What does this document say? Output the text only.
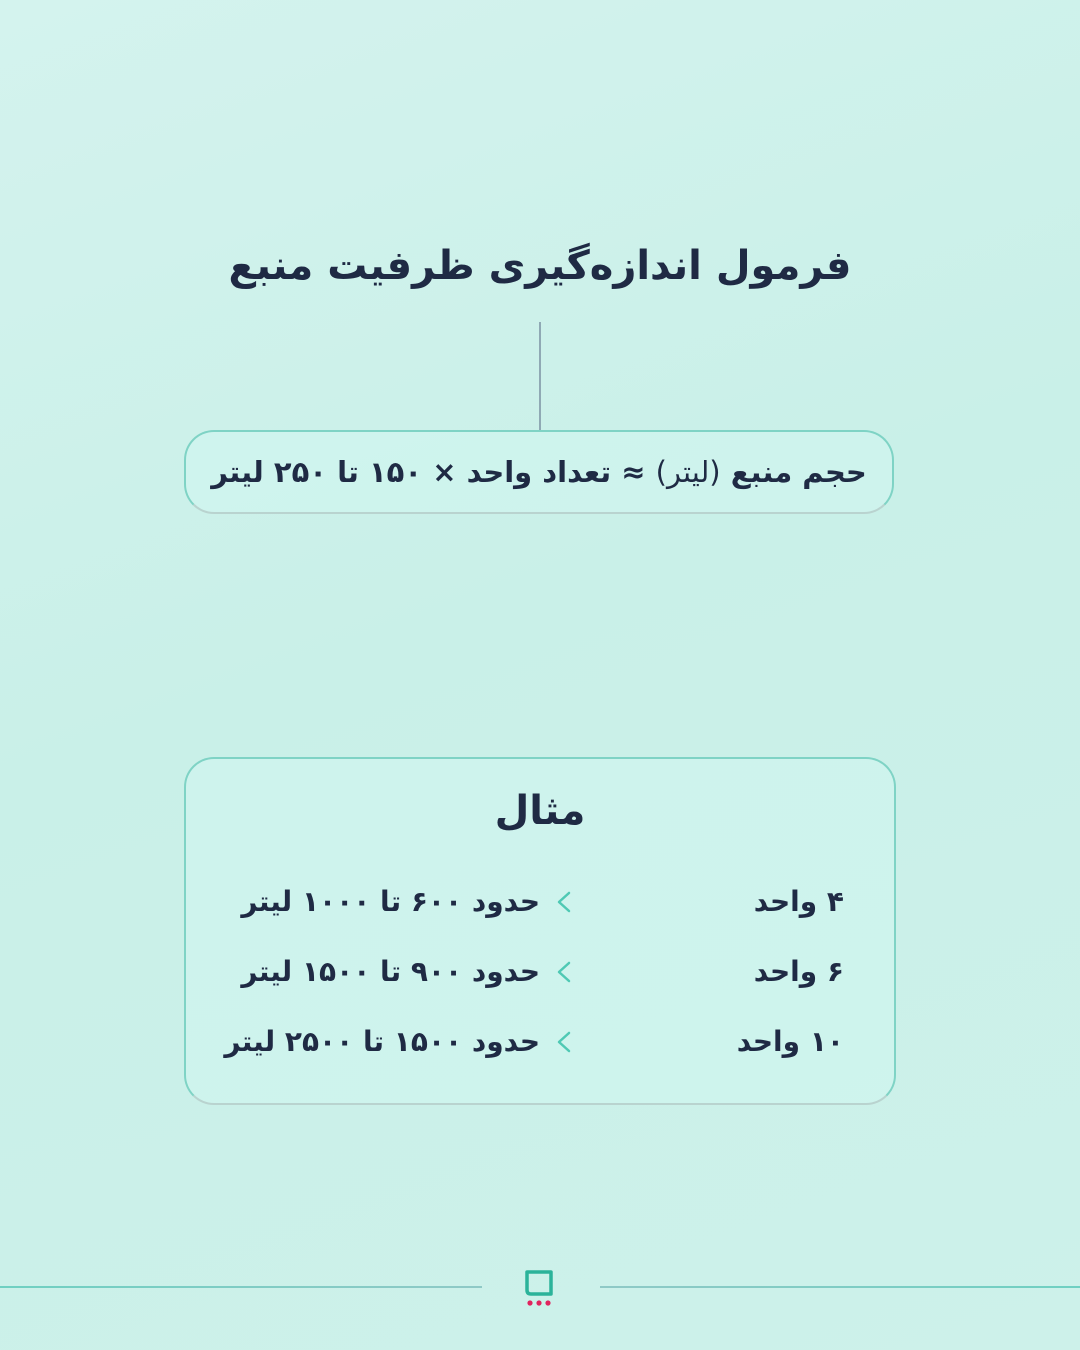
فرمول اندازه‌گیری ظرفیت منبع
حجم منبع (لیتر) ≈ تعداد واحد × ۱۵۰ تا ۲۵۰ لیتر
مثال
۴ واحد
حدود ۶۰۰ تا ۱۰۰۰ لیتر
۶ واحد
حدود ۹۰۰ تا ۱۵۰۰ لیتر
۱۰ واحد
حدود ۱۵۰۰ تا ۲۵۰۰ لیتر
